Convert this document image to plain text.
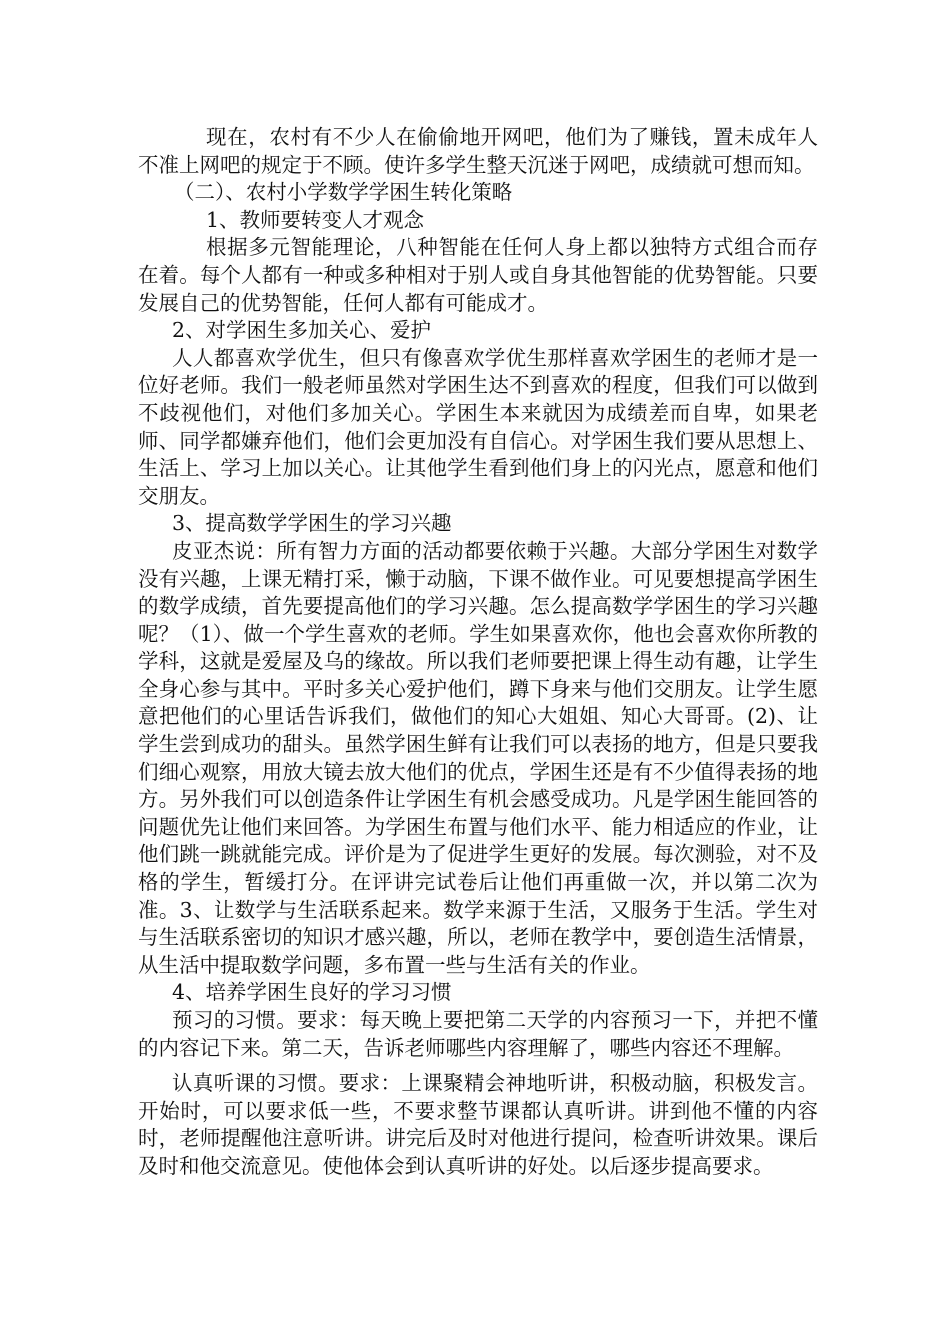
现在，农村有不少人在偷偷地开网吧，他们为了赚钱，置未成年人不准上网吧的规定于不顾。使许多学生整天沉迷于网吧，成绩就可想而知。

（二）、农村小学数学学困生转化策略

1、教师要转变人才观念

根据多元智能理论，八种智能在任何人身上都以独特方式组合而存在着。每个人都有一种或多种相对于别人或自身其他智能的优势智能。只要发展自己的优势智能，任何人都有可能成才。

2、对学困生多加关心、爱护

人人都喜欢学优生，但只有像喜欢学优生那样喜欢学困生的老师才是一位好老师。我们一般老师虽然对学困生达不到喜欢的程度，但我们可以做到不歧视他们，对他们多加关心。学困生本来就因为成绩差而自卑，如果老师、同学都嫌弃他们，他们会更加没有自信心。对学困生我们要从思想上、生活上、学习上加以关心。让其他学生看到他们身上的闪光点，愿意和他们交朋友。

3、提高数学学困生的学习兴趣

皮亚杰说：所有智力方面的活动都要依赖于兴趣。大部分学困生对数学没有兴趣，上课无精打采，懒于动脑，下课不做作业。可见要想提高学困生的数学成绩，首先要提高他们的学习兴趣。怎么提高数学学困生的学习兴趣呢？（1）、做一个学生喜欢的老师。学生如果喜欢你，他也会喜欢你所教的学科，这就是爱屋及乌的缘故。所以我们老师要把课上得生动有趣，让学生全身心参与其中。平时多关心爱护他们，蹲下身来与他们交朋友。让学生愿意把他们的心里话告诉我们，做他们的知心大姐姐、知心大哥哥。(2)、让学生尝到成功的甜头。虽然学困生鲜有让我们可以表扬的地方，但是只要我们细心观察，用放大镜去放大他们的优点，学困生还是有不少值得表扬的地方。另外我们可以创造条件让学困生有机会感受成功。凡是学困生能回答的问题优先让他们来回答。为学困生布置与他们水平、能力相适应的作业，让他们跳一跳就能完成。评价是为了促进学生更好的发展。每次测验，对不及格的学生，暂缓打分。在评讲完试卷后让他们再重做一次，并以第二次为准。3、让数学与生活联系起来。数学来源于生活，又服务于生活。学生对与生活联系密切的知识才感兴趣，所以，老师在教学中，要创造生活情景，从生活中提取数学问题，多布置一些与生活有关的作业。

4、培养学困生良好的学习习惯

预习的习惯。要求：每天晚上要把第二天学的内容预习一下，并把不懂的内容记下来。第二天，告诉老师哪些内容理解了，哪些内容还不理解。

认真听课的习惯。要求：上课聚精会神地听讲，积极动脑，积极发言。开始时，可以要求低一些，不要求整节课都认真听讲。讲到他不懂的内容时，老师提醒他注意听讲。讲完后及时对他进行提问，检查听讲效果。课后及时和他交流意见。使他体会到认真听讲的好处。以后逐步提高要求。
